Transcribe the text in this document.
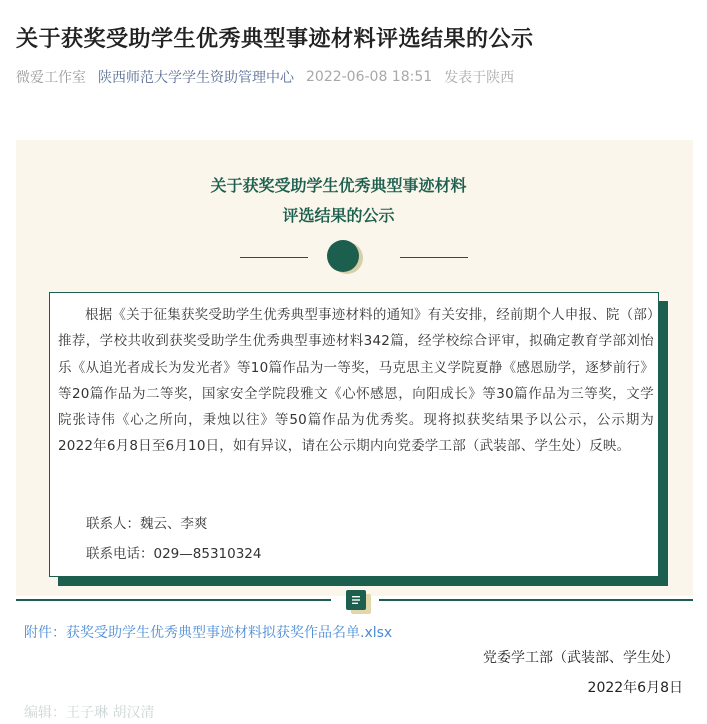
关于获奖受助学生优秀典型事迹材料评选结果的公示
微爱工作室 陕西师范大学学生资助管理中心 2022-06-08 18:51 发表于陕西
关于获奖受助学生优秀典型事迹材料
评选结果的公示

根据《关于征集获奖受助学生优秀典型事迹材料的通知》有关安排，经前期个人申报、院（部）推荐，学校共收到获奖受助学生优秀典型事迹材料342篇，经学校综合评审，拟确定教育学部刘怡乐《从追光者成长为发光者》等10篇作品为一等奖，马克思主义学院夏静《感恩励学，逐梦前行》等20篇作品为二等奖，国家安全学院段雅文《心怀感恩，向阳成长》等30篇作品为三等奖，文学院张诗伟《心之所向，秉烛以往》等50篇作品为优秀奖。现将拟获奖结果予以公示，公示期为2022年6月8日至6月10日，如有异议，请在公示期内向党委学工部（武装部、学生处）反映。

联系人：魏云、李爽
联系电话：029—85310324
附件：获奖受助学生优秀典型事迹材料拟获奖作品名单.xlsx
党委学工部（武装部、学生处）
2022年6月8日
编辑：王子琳 胡汉清
